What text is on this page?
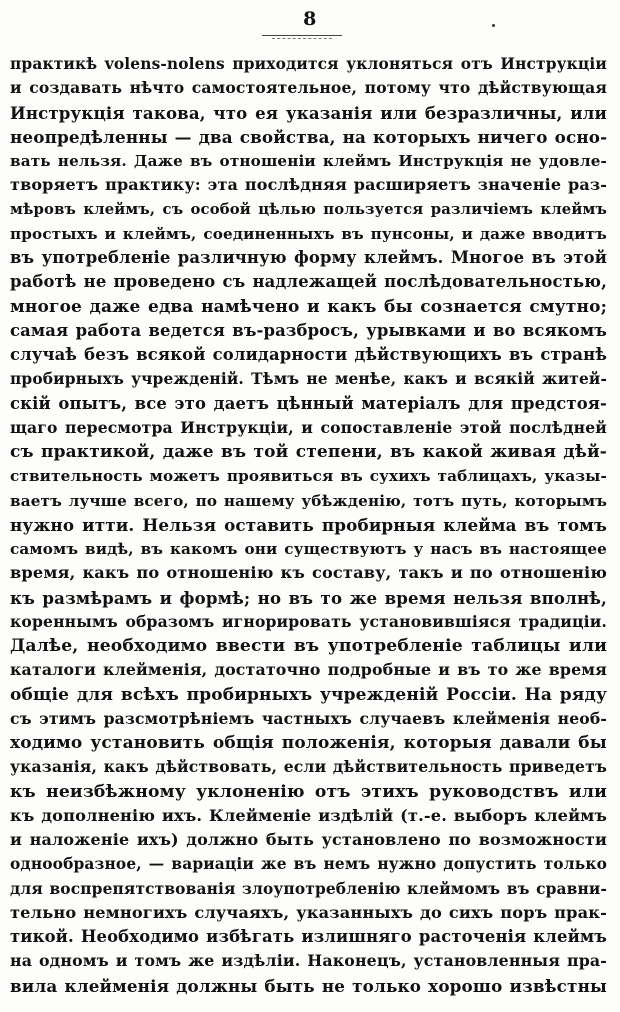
8
практикѣ volens-nolens приходится уклоняться отъ Инструкціи
и создавать нѣчто самостоятельное, потому что дѣйствующая
Инструкція такова, что ея указанія или безразличны, или
неопредѣленны — два свойства, на которыхъ ничего осно-
вать нельзя. Даже въ отношеніи клеймъ Инструкція не удовле-
творяетъ практику: эта послѣдняя расширяетъ значеніе раз-
мѣровъ клеймъ, съ особой цѣлью пользуется различіемъ клеймъ
простыхъ и клеймъ, соединенныхъ въ пунсоны, и даже вводитъ
въ употребленіе различную форму клеймъ. Многое въ этой
работѣ не проведено съ надлежащей послѣдовательностью,
многое даже едва намѣчено и какъ бы сознается смутно;
самая работа ведется въ-разбросъ, урывками и во всякомъ
случаѣ безъ всякой солидарности дѣйствующихъ въ странѣ
пробирныхъ учрежденій. Тѣмъ не менѣе, какъ и всякій житей-
скій опытъ, все это даетъ цѣнный матеріалъ для предстоя-
щаго пересмотра Инструкціи, и сопоставленіе этой послѣдней
съ практикой, даже въ той степени, въ какой живая дѣй-
ствительность можетъ проявиться въ сухихъ таблицахъ, указы-
ваетъ лучше всего, по нашему убѣжденію, тотъ путь, которымъ
нужно итти. Нельзя оставить пробирныя клейма въ томъ
самомъ видѣ, въ какомъ они существуютъ у насъ въ настоящее
время, какъ по отношенію къ составу, такъ и по отношенію
къ размѣрамъ и формѣ; но въ то же время нельзя вполнѣ,
кореннымъ образомъ игнорировать установившіяся традиціи.
Далѣе, необходимо ввести въ употребленіе таблицы или
каталоги клейменія, достаточно подробные и въ то же время
общіе для всѣхъ пробирныхъ учрежденій Россіи. На ряду
съ этимъ разсмотрѣніемъ частныхъ случаевъ клейменія необ-
ходимо установить общія положенія, которыя давали бы
указанія, какъ дѣйствовать, если дѣйствительность приведетъ
къ неизбѣжному уклоненію отъ этихъ руководствъ или
къ дополненію ихъ. Клейменіе издѣлій (т.-е. выборъ клеймъ
и наложеніе ихъ) должно быть установлено по возможности
однообразное, — вариаціи же въ немъ нужно допустить только
для воспрепятствованія злоупотребленію клеймомъ въ сравни-
тельно немногихъ случаяхъ, указанныхъ до сихъ поръ прак-
тикой. Необходимо избѣгать излишняго расточенія клеймъ
на одномъ и томъ же издѣліи. Наконецъ, установленныя пра-
вила клейменія должны быть не только хорошо извѣстны
